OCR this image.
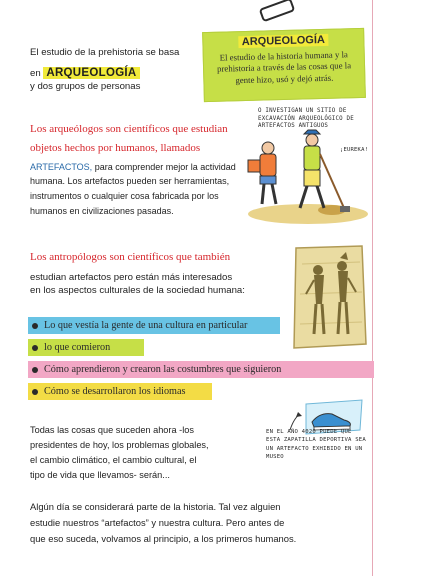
El estudio de la prehistoria se basa
en ARQUEOLOGÍA
y dos grupos de personas
ARQUEOLOGÍA
El estudio de la historia humana y la prehistoria a través de las cosas que la gente hizo, usó y dejó atrás.
Los arqueólogos son científicos que estudian
objetos hechos por humanos, llamados
ARTEFACTOS, para comprender mejor la actividad
humana. Los artefactos pueden ser herramientas,
instrumentos o cualquier cosa fabricada por los
humanos en civilizaciones pasadas.
O INVESTIGAN UN SITIO DE EXCAVACIÓN ARQUEOLÓGICO DE ARTEFACTOS ANTIGUOS
¡EUREKA!
Los antropólogos son científicos que también
estudian artefactos pero están más interesados
en los aspectos culturales de la sociedad humana:
Lo que vestía la gente de una cultura en particular
lo que comieron
Cómo aprendieron y crearon las costumbres que siguieron
Cómo se desarrollaron los idiomas
Todas las cosas que suceden ahora -los
presidentes de hoy, los problemas globales,
el cambio climático, el cambio cultural, el
tipo de vida que llevamos- serán...
EN EL AÑO 4020 PUEDE QUE ESTA ZAPATILLA DEPORTIVA SEA UN ARTEFACTO EXHIBIDO EN UN MUSEO
Algún día se considerará parte de la historia. Tal vez alguien
estudie nuestros “artefactos” y nuestra cultura. Pero antes de
que eso suceda, volvamos al principio, a los primeros humanos.
